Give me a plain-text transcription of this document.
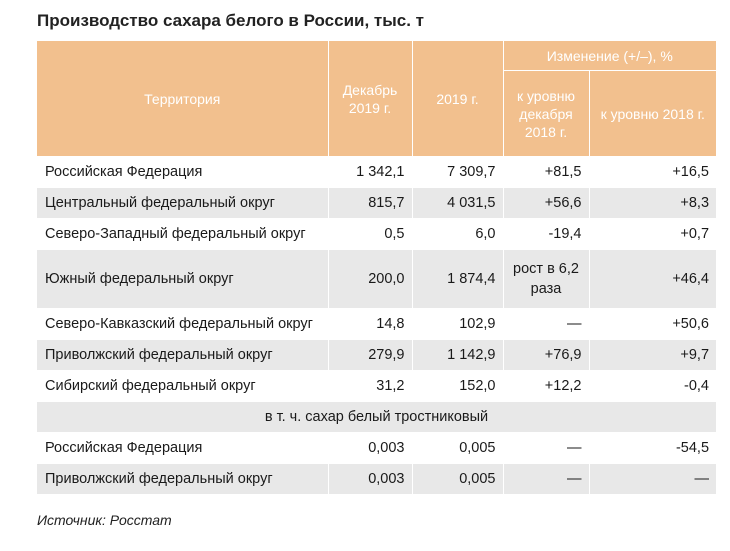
Производство сахара белого в России, тыс. т
Территория	Декабрь 2019 г.	2019 г.	Изменение (+/–), %	
			к уровню декабря 2018 г.	к уровню 2018 г.
Российская Федерация	1 342,1	7 309,7	+81,5	+16,5
Центральный федеральный округ	815,7	4 031,5	+56,6	+8,3
Северо-Западный федеральный округ	0,5	6,0	-19,4	+0,7
Южный федеральный округ	200,0	1 874,4	рост в 6,2 раза	+46,4
Северо-Кавказский федеральный округ	14,8	102,9	—	+50,6
Приволжский федеральный округ	279,9	1 142,9	+76,9	+9,7
Сибирский федеральный округ	31,2	152,0	+12,2	-0,4
в т. ч. сахар белый тростниковый				
Российская Федерация	0,003	0,005	—	-54,5
Приволжский федеральный округ	0,003	0,005	—	—
Источник: Росстат
